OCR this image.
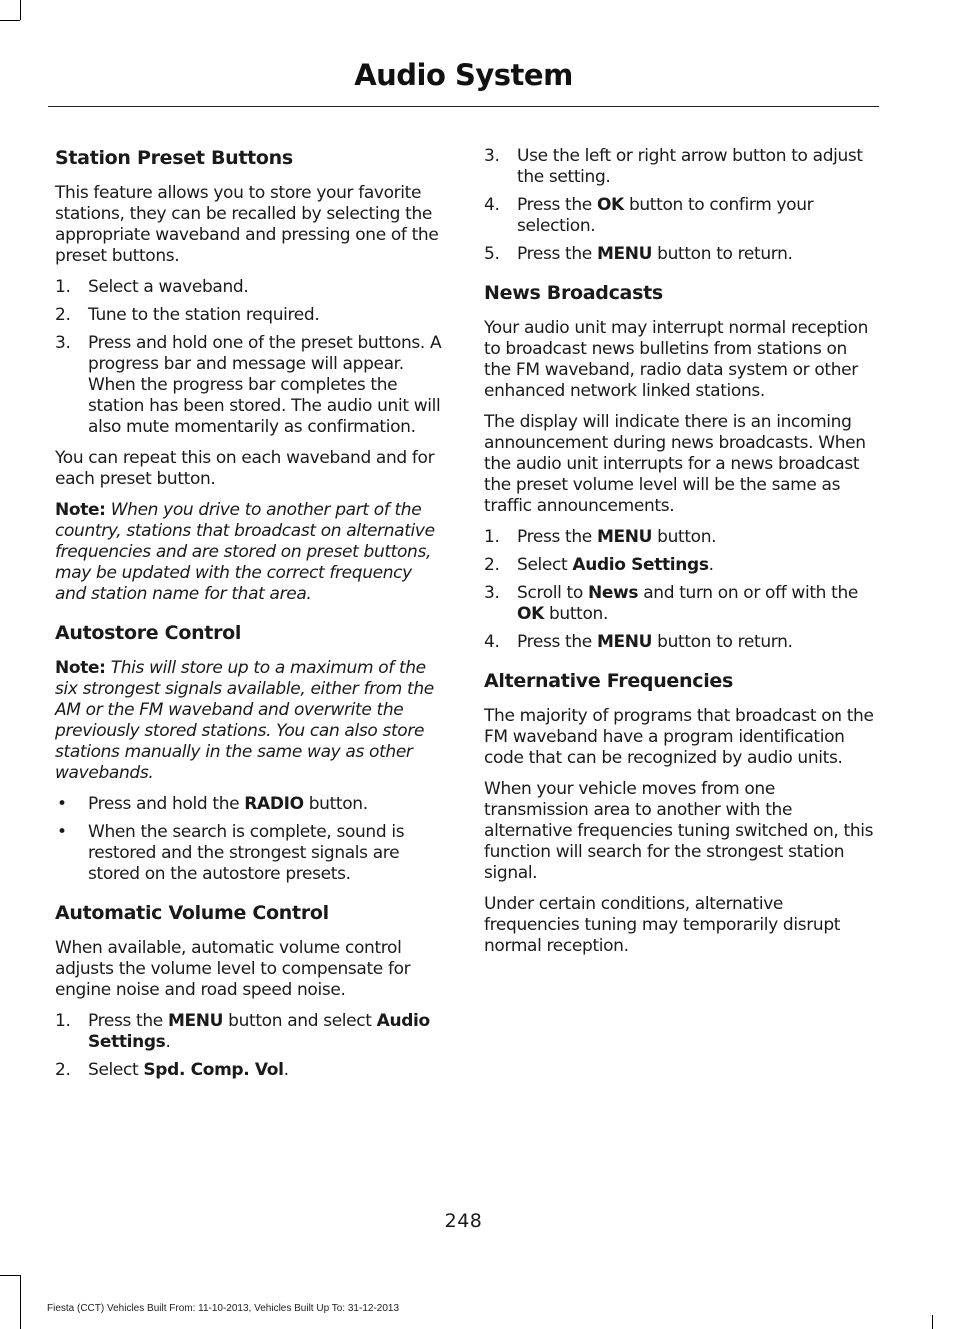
Audio System
Station Preset Buttons

This feature allows you to store your favorite stations, they can be recalled by selecting the appropriate waveband and pressing one of the preset buttons.

1. Select a waveband.
2. Tune to the station required.
3. Press and hold one of the preset buttons. A progress bar and message will appear. When the progress bar completes the station has been stored. The audio unit will also mute momentarily as confirmation.

You can repeat this on each waveband and for each preset button.

Note: When you drive to another part of the country, stations that broadcast on alternative frequencies and are stored on preset buttons, may be updated with the correct frequency and station name for that area.

Autostore Control

Note: This will store up to a maximum of the six strongest signals available, either from the AM or the FM waveband and overwrite the previously stored stations. You can also store stations manually in the same way as other wavebands.

• Press and hold the RADIO button.
• When the search is complete, sound is restored and the strongest signals are stored on the autostore presets.
Automatic Volume Control

When available, automatic volume control adjusts the volume level to compensate for engine noise and road speed noise.

1. Press the MENU button and select Audio Settings.
2. Select Spd. Comp. Vol.
3. Use the left or right arrow button to adjust the setting.
4. Press the OK button to confirm your selection.
5. Press the MENU button to return.
News Broadcasts

Your audio unit may interrupt normal reception to broadcast news bulletins from stations on the FM waveband, radio data system or other enhanced network linked stations.

The display will indicate there is an incoming announcement during news broadcasts. When the audio unit interrupts for a news broadcast the preset volume level will be the same as traffic announcements.

1. Press the MENU button.
2. Select Audio Settings.
3. Scroll to News and turn on or off with the OK button.
4. Press the MENU button to return.
Alternative Frequencies

The majority of programs that broadcast on the FM waveband have a program identification code that can be recognized by audio units.

When your vehicle moves from one transmission area to another with the alternative frequencies tuning switched on, this function will search for the strongest station signal.

Under certain conditions, alternative frequencies tuning may temporarily disrupt normal reception.

248
Fiesta (CCT) Vehicles Built From: 11-10-2013, Vehicles Built Up To: 31-12-2013
